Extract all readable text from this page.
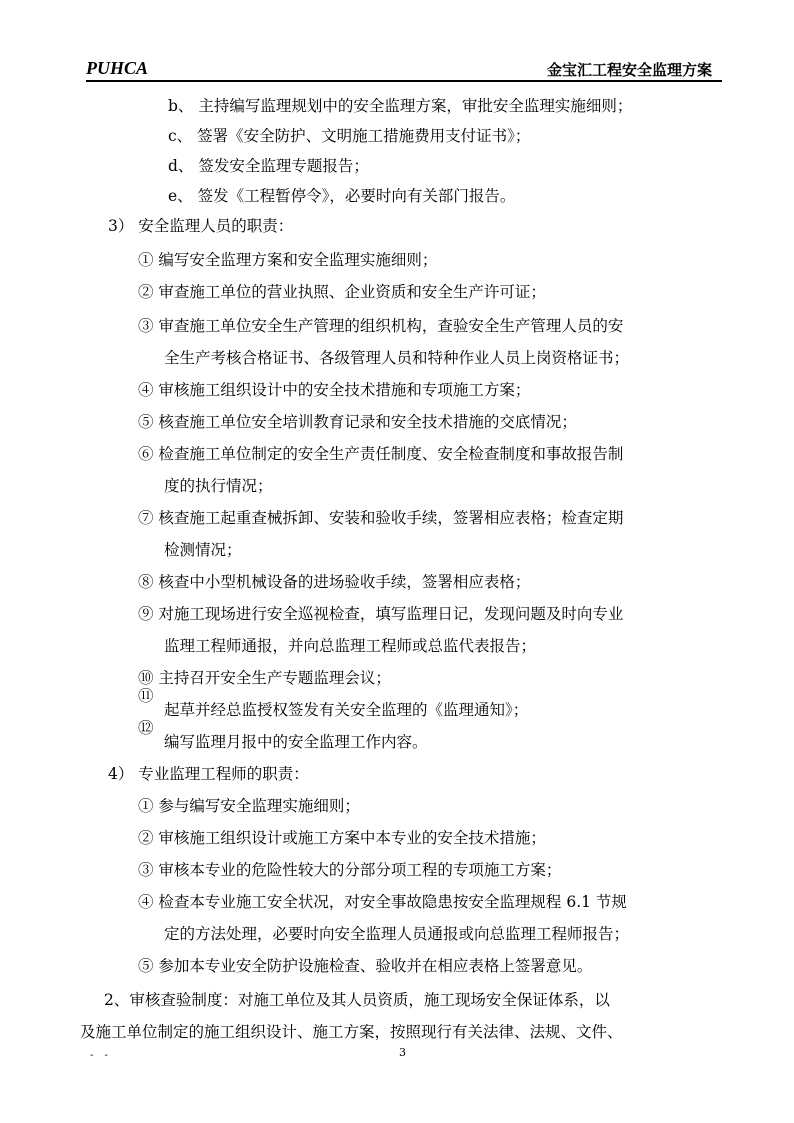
PUHCA	金宝汇工程安全监理方案
b、 主持编写监理规划中的安全监理方案，审批安全监理实施细则；
c、 签署《安全防护、文明施工措施费用支付证书》；
d、 签发安全监理专题报告；
e、 签发《工程暂停令》，必要时向有关部门报告。
3） 安全监理人员的职责：
① 编写安全监理方案和安全监理实施细则；
② 审查施工单位的营业执照、企业资质和安全生产许可证；
③ 审查施工单位安全生产管理的组织机构，查验安全生产管理人员的安
全生产考核合格证书、各级管理人员和特种作业人员上岗资格证书；
④ 审核施工组织设计中的安全技术措施和专项施工方案；
⑤ 核查施工单位安全培训教育记录和安全技术措施的交底情况；
⑥ 检查施工单位制定的安全生产责任制度、安全检查制度和事故报告制
度的执行情况；
⑦ 核查施工起重查械拆卸、安装和验收手续，签署相应表格；检查定期
检测情况；
⑧ 核查中小型机械设备的进场验收手续，签署相应表格；
⑨ 对施工现场进行安全巡视检查，填写监理日记，发现问题及时向专业
监理工程师通报，并向总监理工程师或总监代表报告；
⑩ 主持召开安全生产专题监理会议；
⑪
起草并经总监授权签发有关安全监理的《监理通知》；
⑫
编写监理月报中的安全监理工作内容。
4） 专业监理工程师的职责：
① 参与编写安全监理实施细则；
② 审核施工组织设计或施工方案中本专业的安全技术措施；
③ 审核本专业的危险性较大的分部分项工程的专项施工方案；
④ 检查本专业施工安全状况，对安全事故隐患按安全监理规程 6.1 节规
定的方法处理，必要时向安全监理人员通报或向总监理工程师报告；
⑤ 参加本专业安全防护设施检查、验收并在相应表格上签署意见。
2、审核查验制度：对施工单位及其人员资质，施工现场安全保证体系，以
及施工单位制定的施工组织设计、施工方案，按照现行有关法律、法规、文件、
- -	3
